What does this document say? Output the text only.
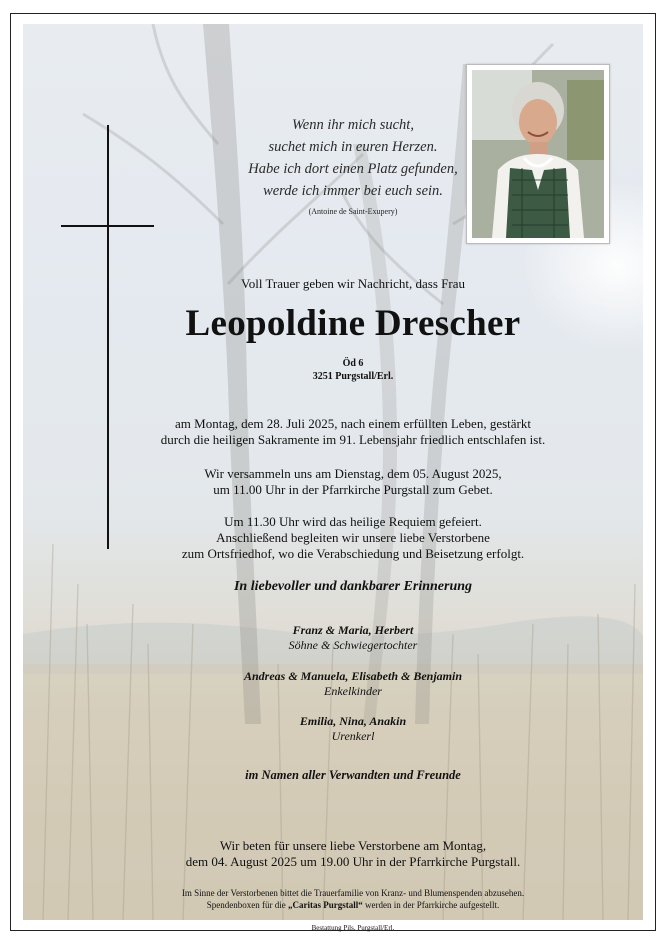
Wenn ihr mich sucht,
suchet mich in euren Herzen.
Habe ich dort einen Platz gefunden,
werde ich immer bei euch sein.
(Antoine de Saint-Exupery)
Voll Trauer geben wir Nachricht, dass Frau
Leopoldine Drescher
Öd 6
3251 Purgstall/Erl.
am Montag, dem 28. Juli 2025, nach einem erfüllten Leben, gestärkt
durch die heiligen Sakramente im 91. Lebensjahr friedlich entschlafen ist.
Wir versammeln uns am Dienstag, dem 05. August 2025,
um 11.00 Uhr in der Pfarrkirche Purgstall zum Gebet.
Um 11.30 Uhr wird das heilige Requiem gefeiert.
Anschließend begleiten wir unsere liebe Verstorbene
zum Ortsfriedhof, wo die Verabschiedung und Beisetzung erfolgt.
In liebevoller und dankbarer Erinnerung
Franz & Maria, Herbert
Söhne & Schwiegertochter
Andreas & Manuela, Elisabeth & Benjamin
Enkelkinder
Emilia, Nina, Anakin
Urenkerl
im Namen aller Verwandten und Freunde
Wir beten für unsere liebe Verstorbene am Montag,
dem 04. August 2025 um 19.00 Uhr in der Pfarrkirche Purgstall.
Im Sinne der Verstorbenen bittet die Trauerfamilie von Kranz- und Blumenspenden abzusehen.
Spendenboxen für die „Caritas Purgstall“ werden in der Pfarrkirche aufgestellt.
Bestattung Pils, Purgstall/Erl.
